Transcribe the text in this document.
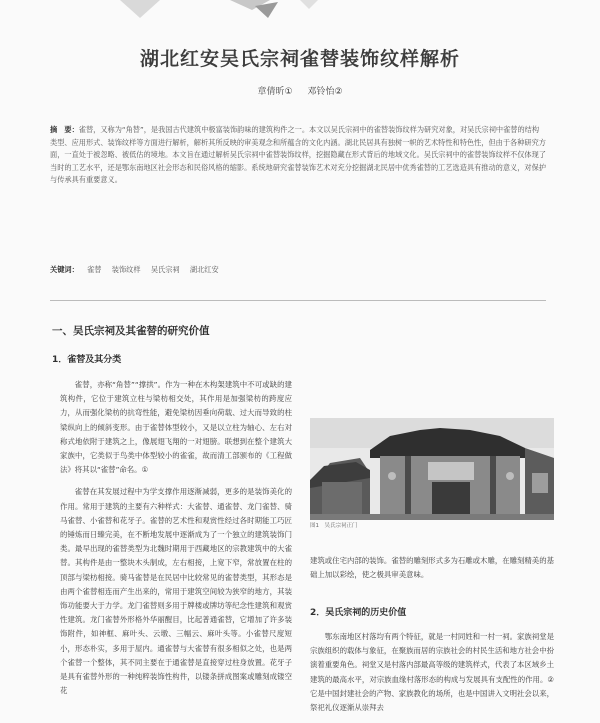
湖北红安吴氏宗祠雀替装饰纹样解析
章倩昕① 邓铃怡②
摘　要：雀替，又称为“角替”，是我国古代建筑中极富装饰韵味的建筑构件之一。本文以吴氏宗祠中的雀替装饰纹样为研究对象，对吴氏宗祠中雀替的结构类型、应用形式、装饰纹样等方面进行解析，解析其所反映的审美观念和所蕴含的文化内涵。湖北民居具有独树一帜的艺术特性和特色性，但由于各种研究方面，一直处于被忽略、被低估的境地。本文旨在通过解析吴氏宗祠中雀替装饰纹样，挖掘隐藏在形式背后的地域文化。吴氏宗祠中的雀替装饰纹样不仅体现了当时的工艺水平，还是鄂东南地区社会形态和民俗风格的缩影。系统地研究雀替装饰艺术对充分挖掘湖北民居中优秀雀替的工艺选造具有推动的意义，对保护与传承具有重要意义。
关键词： 雀替 装饰纹样 吴氏宗祠 湖北红安
一、吴氏宗祠及其雀替的研究价值
1．雀替及其分类

雀替，亦称“角替”“撑拱”。作为一种在木构架建筑中不可或缺的建筑构件，它位于建筑立柱与梁枋相交处，其作用是加强梁枋的跨度应力，从而强化梁枋的抗弯性能，避免梁枋因垂向荷载、过大而导致的柱梁纵向上的倾斜变形。由于雀替体型较小，又是以立柱为轴心、左右对称式地依附于建筑之上，像展翅飞翔的一对翅膀。联想到在整个建筑大家族中，它类似于鸟类中体型较小的雀雀，故而清工部颁布的《工程做法》将其以“雀替”命名。①

雀替在其发展过程中为学支撑作用逐渐减弱，更多的是装饰美化的作用。常用于建筑的主要有六种样式：大雀替、通雀替、龙门雀替、骑马雀替、小雀替和花牙子。雀替的艺术性和观赏性经过各时期能工巧匠的锤炼而日臻完美，在不断地发展中逐渐成为了一个独立的建筑装饰门类。最早出现的雀替类型为北魏时期用于西藏地区的宗教建筑中的大雀替。其构件是由一整块木头制成，左右相接，上宽下窄，常放置在柱的顶部与梁枋相接。骑马雀替是在民居中比较常见的雀替类型，其形态是由两个雀替相连而产生出来的，常用于建筑空间较为狭窄的地方，其装饰功能要大于力学。龙门雀替则多用于牌楼或牌坊等纪念性建筑和观赏性建筑。龙门雀替外形格外华丽醒目，比起普通雀替，它增加了许多装饰附件，如神框、麻叶头、云墩、三幅云、麻叶头等。小雀替尺度短小，形态朴实，多用于屋内。通雀替与大雀替有很多相似之处，也是两个雀替一个整体，其不同主要在于通雀替是直接穿过柱身放置。花牙子是具有雀替外形的一种纯粹装饰性构件，以镂条拼成图案或雕刻成镂空花

图1　吴氏宗祠正门

建筑或住宅内部的装饰。雀替的雕刻形式多为石雕或木雕，在雕刻精美的基础上加以彩绘，使之极具审美意味。

2．吴氏宗祠的历史价值

鄂东南地区村落均有两个特征，就是一村同姓和一村一祠。家族祠堂是宗族组织的载体与象征，在聚族而居的宗族社会的村民生活和地方社会中扮演着重要角色。祠堂又是村落内部最高等级的建筑样式，代表了本区域乡土建筑的最高水平，对宗族血缘村落形态的构成与发展具有支配性的作用。②它是中国封建社会的产物、家族教化的场所，也是中国讲入文明社会以来，祭祀礼仪逐渐从崇拜去
